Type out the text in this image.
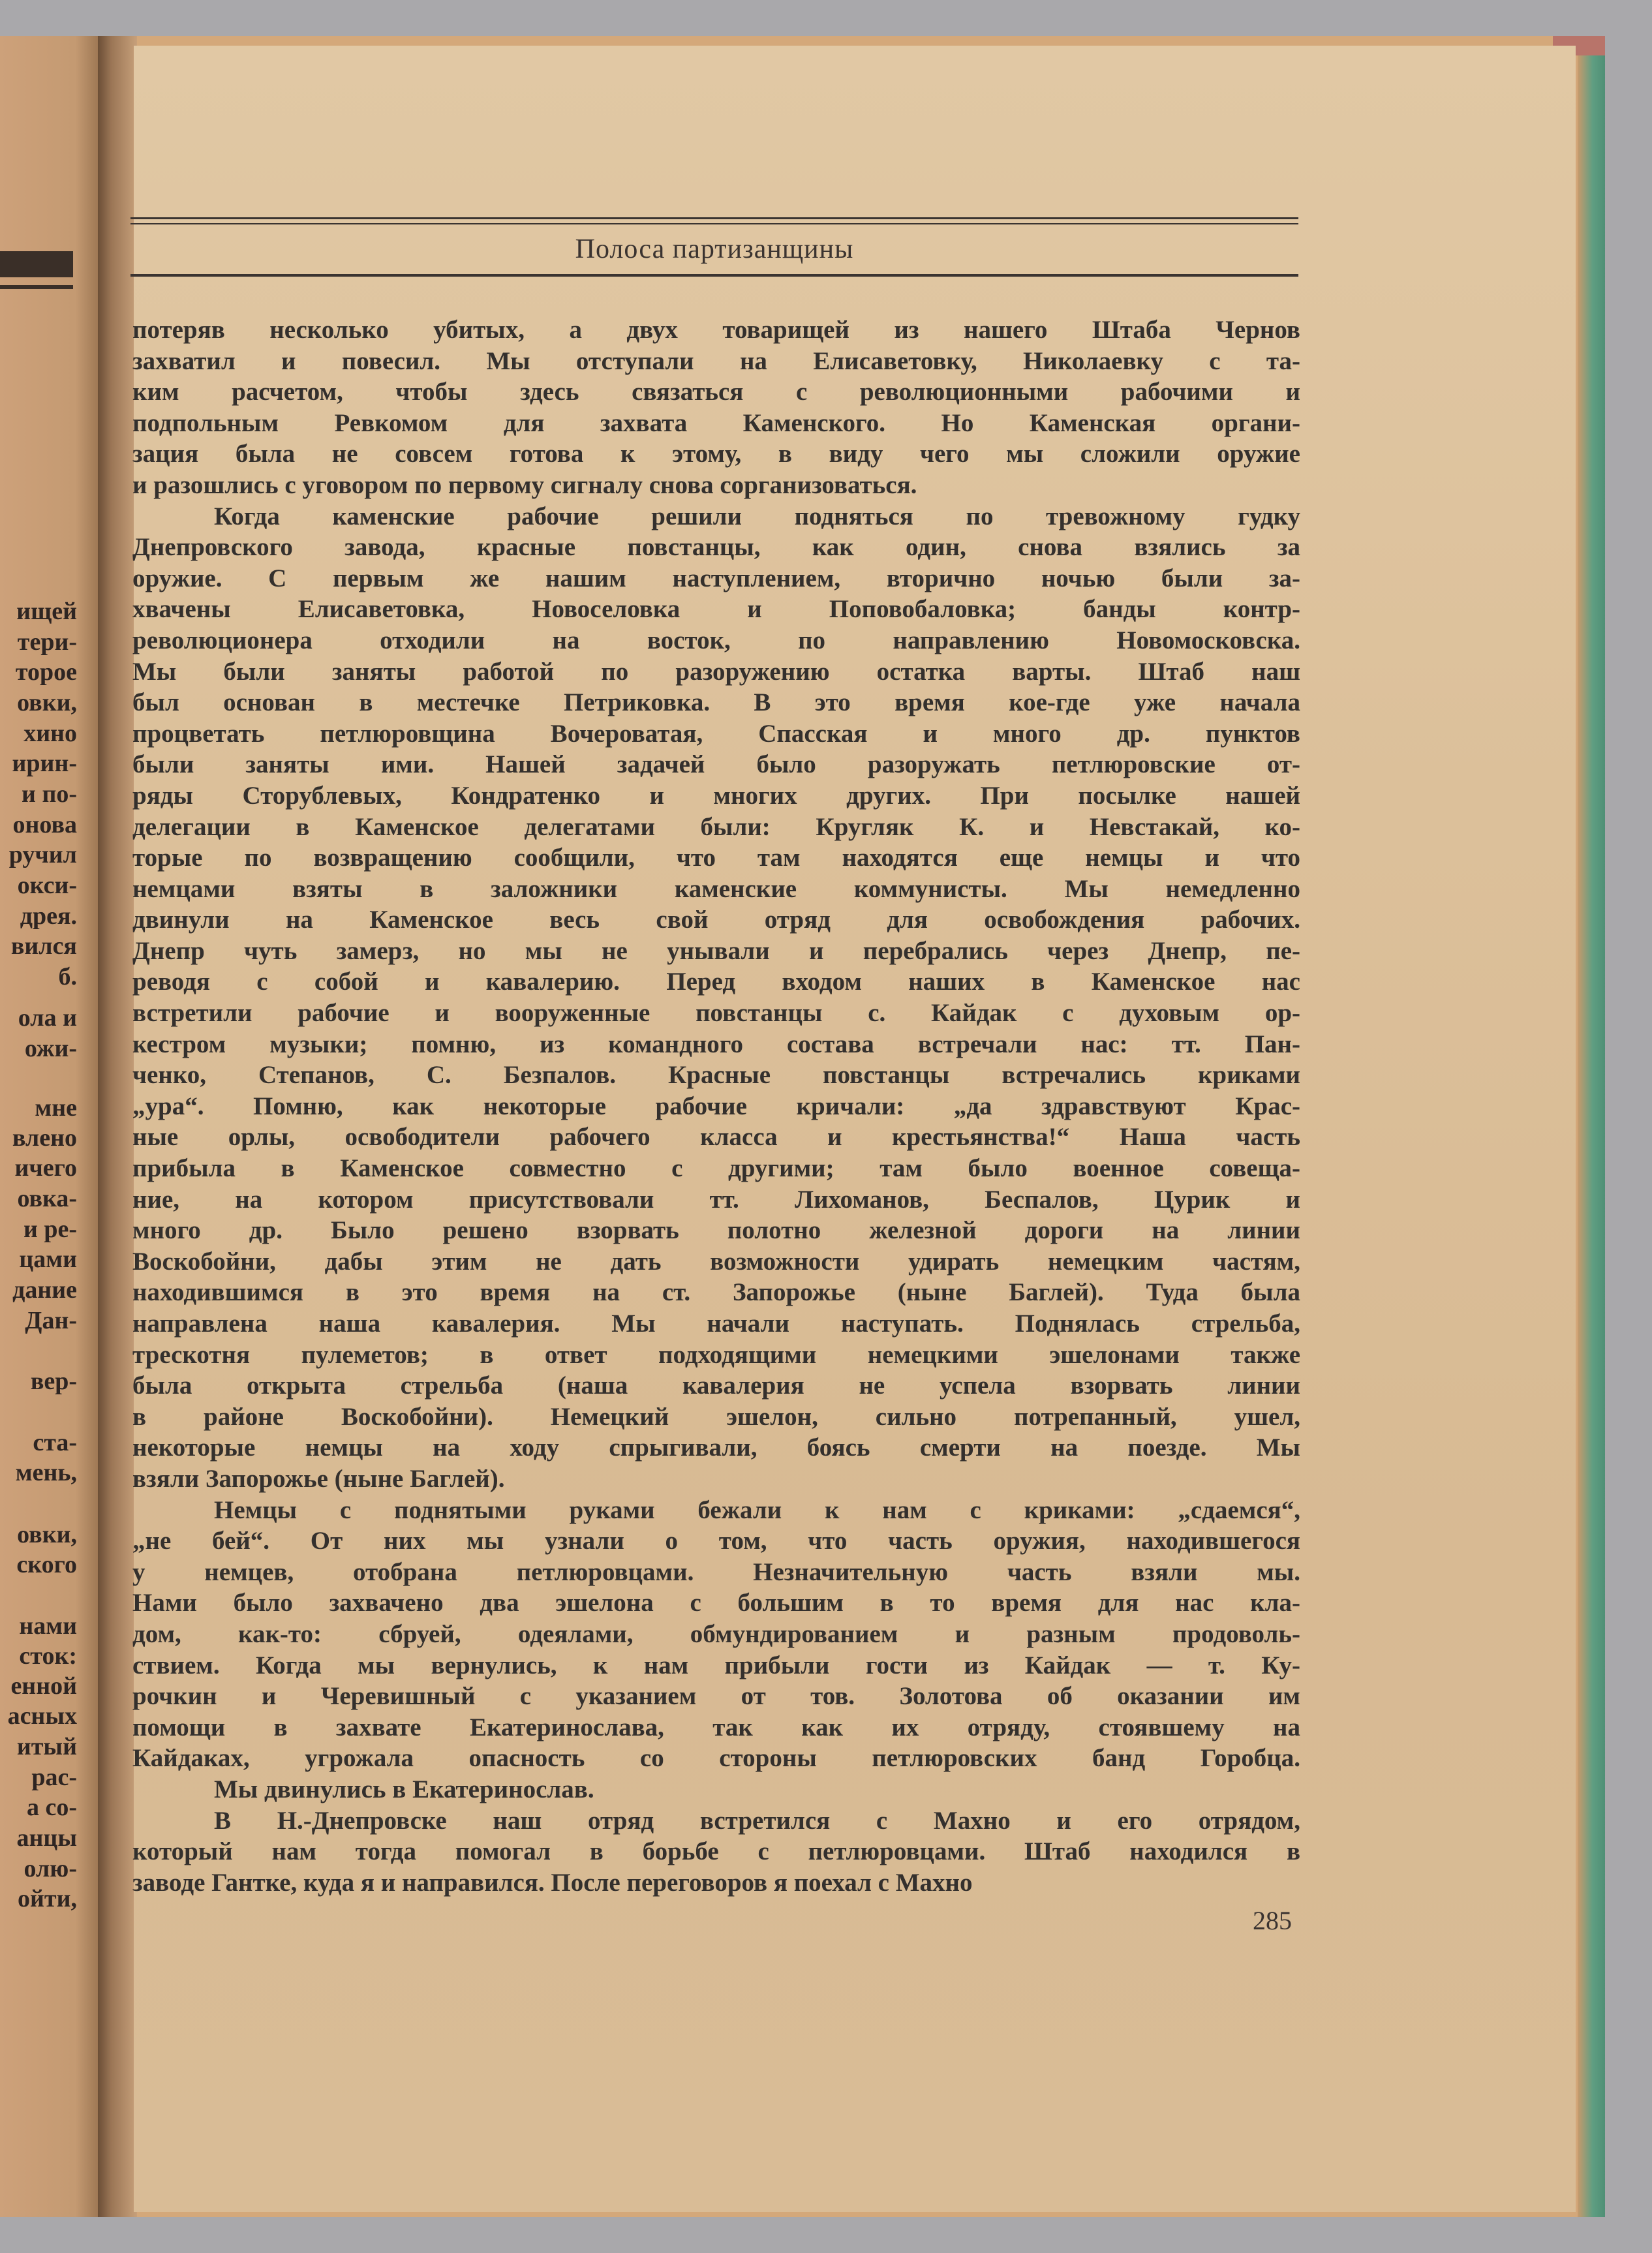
ищей
тери-
торое
овки,
хино
ирин-
и по-
онова
ручил
окси-
дрея.
вился
б.
ола и
ожи-
мне
влено
ичего
овка-
и ре-
цами
дание
Дан-
вер-
ста-
мень,
овки,
ского
нами
сток:
енной
асных
итый
рас-
а со-
анцы
олю-
ойти,
Полоса партизанщины
потеряв несколько убитых, а двух товарищей из нашего Штаба Чернов
захватил и повесил. Мы отступали на Елисаветовку, Николаевку с та-
ким расчетом, чтобы здесь связаться с революционными рабочими и
подпольным Ревкомом для захвата Каменского. Но Каменская органи-
зация была не совсем готова к этому, в виду чего мы сложили оружие
и разошлись с уговором по первому сигналу снова сорганизоваться.
Когда каменские рабочие решили подняться по тревожному гудку
Днепровского завода, красные повстанцы, как один, снова взялись за
оружие. С первым же нашим наступлением, вторично ночью были за-
хвачены Елисаветовка, Новоселовка и Поповобаловка; банды контр-
революционера отходили на восток, по направлению Новомосковска.
Мы были заняты работой по разоружению остатка варты. Штаб наш
был основан в местечке Петриковка. В это время кое-где уже начала
процветать петлюровщина Вочероватая, Спасская и много др. пунктов
были заняты ими. Нашей задачей было разоружать петлюровские от-
ряды Сторублевых, Кондратенко и многих других. При посылке нашей
делегации в Каменское делегатами были: Кругляк К. и Невстакай, ко-
торые по возвращению сообщили, что там находятся еще немцы и что
немцами взяты в заложники каменские коммунисты. Мы немедленно
двинули на Каменское весь свой отряд для освобождения рабочих.
Днепр чуть замерз, но мы не унывали и перебрались через Днепр, пе-
реводя с собой и кавалерию. Перед входом наших в Каменское нас
встретили рабочие и вооруженные повстанцы с. Кайдак с духовым ор-
кестром музыки; помню, из командного состава встречали нас: тт. Пан-
ченко, Степанов, С. Безпалов. Красные повстанцы встречались криками
„ура“. Помню, как некоторые рабочие кричали: „да здравствуют Крас-
ные орлы, освободители рабочего класса и крестьянства!“ Наша часть
прибыла в Каменское совместно с другими; там было военное совеща-
ние, на котором присутствовали тт. Лихоманов, Беспалов, Цурик и
много др. Было решено взорвать полотно железной дороги на линии
Воскобойни, дабы этим не дать возможности удирать немецким частям,
находившимся в это время на ст. Запорожье (ныне Баглей). Туда была
направлена наша кавалерия. Мы начали наступать. Поднялась стрельба,
трескотня пулеметов; в ответ подходящими немецкими эшелонами также
была открыта стрельба (наша кавалерия не успела взорвать линии
в районе Воскобойни). Немецкий эшелон, сильно потрепанный, ушел,
некоторые немцы на ходу спрыгивали, боясь смерти на поезде. Мы
взяли Запорожье (ныне Баглей).
Немцы с поднятыми руками бежали к нам с криками: „сдаемся“,
„не бей“. От них мы узнали о том, что часть оружия, находившегося
у немцев, отобрана петлюровцами. Незначительную часть взяли мы.
Нами было захвачено два эшелона с большим в то время для нас кла-
дом, как-то: сбруей, одеялами, обмундированием и разным продоволь-
ствием. Когда мы вернулись, к нам прибыли гости из Кайдак — т. Ку-
рочкин и Черевишный с указанием от тов. Золотова об оказании им
помощи в захвате Екатеринослава, так как их отряду, стоявшему на
Кайдаках, угрожала опасность со стороны петлюровских банд Горобца.
Мы двинулись в Екатеринослав.
В Н.-Днепровске наш отряд встретился с Махно и его отрядом,
который нам тогда помогал в борьбе с петлюровцами. Штаб находился в
заводе Гантке, куда я и направился. После переговоров я поехал с Махно
285
